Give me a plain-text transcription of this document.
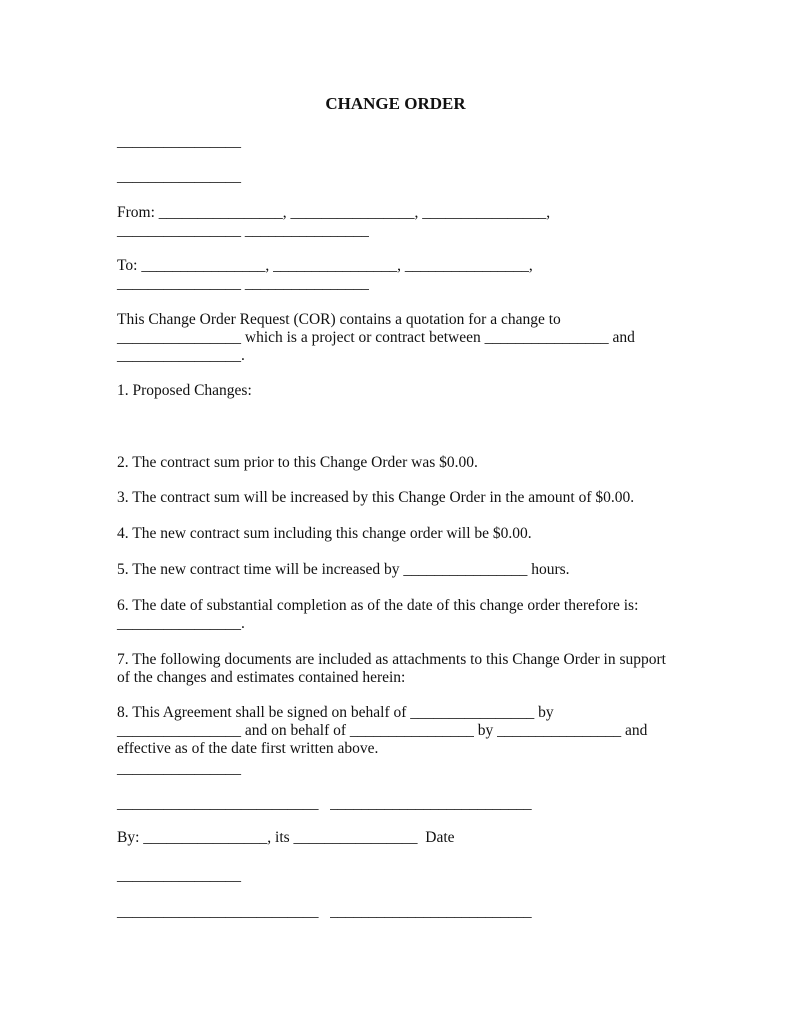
CHANGE ORDER
________________
________________
From: ________________, ________________, ________________,
________________ ________________
To: ________________, ________________, ________________,
________________ ________________
This Change Order Request (COR) contains a quotation for a change to
________________ which is a project or contract between ________________ and
________________.
1. Proposed Changes:
2. The contract sum prior to this Change Order was $0.00.
3. The contract sum will be increased by this Change Order in the amount of $0.00.
4. The new contract sum including this change order will be $0.00.
5. The new contract time will be increased by ________________ hours.
6. The date of substantial completion as of the date of this change order therefore is:
________________.
7. The following documents are included as attachments to this Change Order in support
of the changes and estimates contained herein:
8. This Agreement shall be signed on behalf of ________________ by
________________ and on behalf of ________________ by ________________ and
effective as of the date first written above.
________________
__________________________   __________________________
By: ________________, its ________________  Date
________________
__________________________   __________________________
